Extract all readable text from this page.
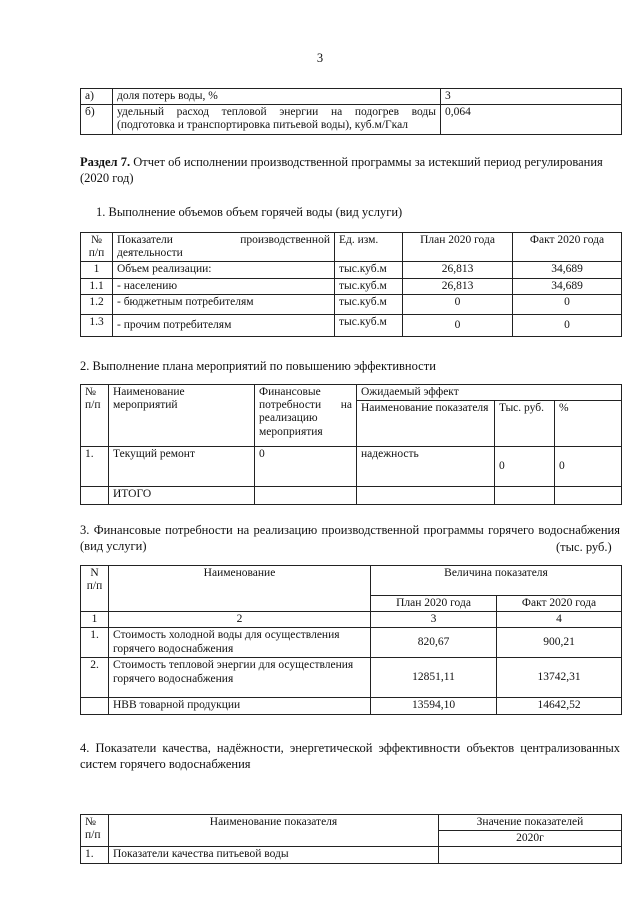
3
а)	доля потерь воды, %	3
б)	удельный расход тепловой энергии на подогрев воды (подготовка и транспортировка питьевой воды), куб.м/Гкал	0,064
Раздел 7. Отчет об исполнении производственной программы за истекший период регулирования (2020 год)
1. Выполнение объемов объем горячей воды (вид услуги)
№ п/п	Показатели производственной деятельности	Ед. изм.	План 2020 года	Факт 2020 года
1	Объем реализации:	тыс.куб.м	26,813	34,689
1.1	- населению	тыс.куб.м	26,813	34,689
1.2	- бюджетным потребителям	тыс.куб.м	0	0
1.3	- прочим потребителям	тыс.куб.м	0	0
2. Выполнение плана мероприятий по повышению эффективности
№ п/п	Наименование мероприятий	Финансовые потребности на реализацию мероприятия	Ожидаемый эффект		
			Наименование показателя	Тыс. руб.	%
1.	Текущий ремонт	0	надежность	0	0
	ИТОГО				
3. Финансовые потребности на реализацию производственной программы горячего водоснабжения (вид услуги)	(тыс. руб.)
N п/п	Наименование	Величина показателя	
		План 2020 года	Факт 2020 года
1	2	3	4
1.	Стоимость холодной воды для осуществления горячего водоснабжения	820,67	900,21
2.	Стоимость тепловой энергии для осуществления горячего водоснабжения	12851,11	13742,31
	НВВ товарной продукции	13594,10	14642,52
4. Показатели качества, надёжности, энергетической эффективности объектов централизованных систем горячего водоснабжения
№ п/п	Наименование показателя	Значение показателей
		2020г
1.	Показатели качества питьевой воды	
